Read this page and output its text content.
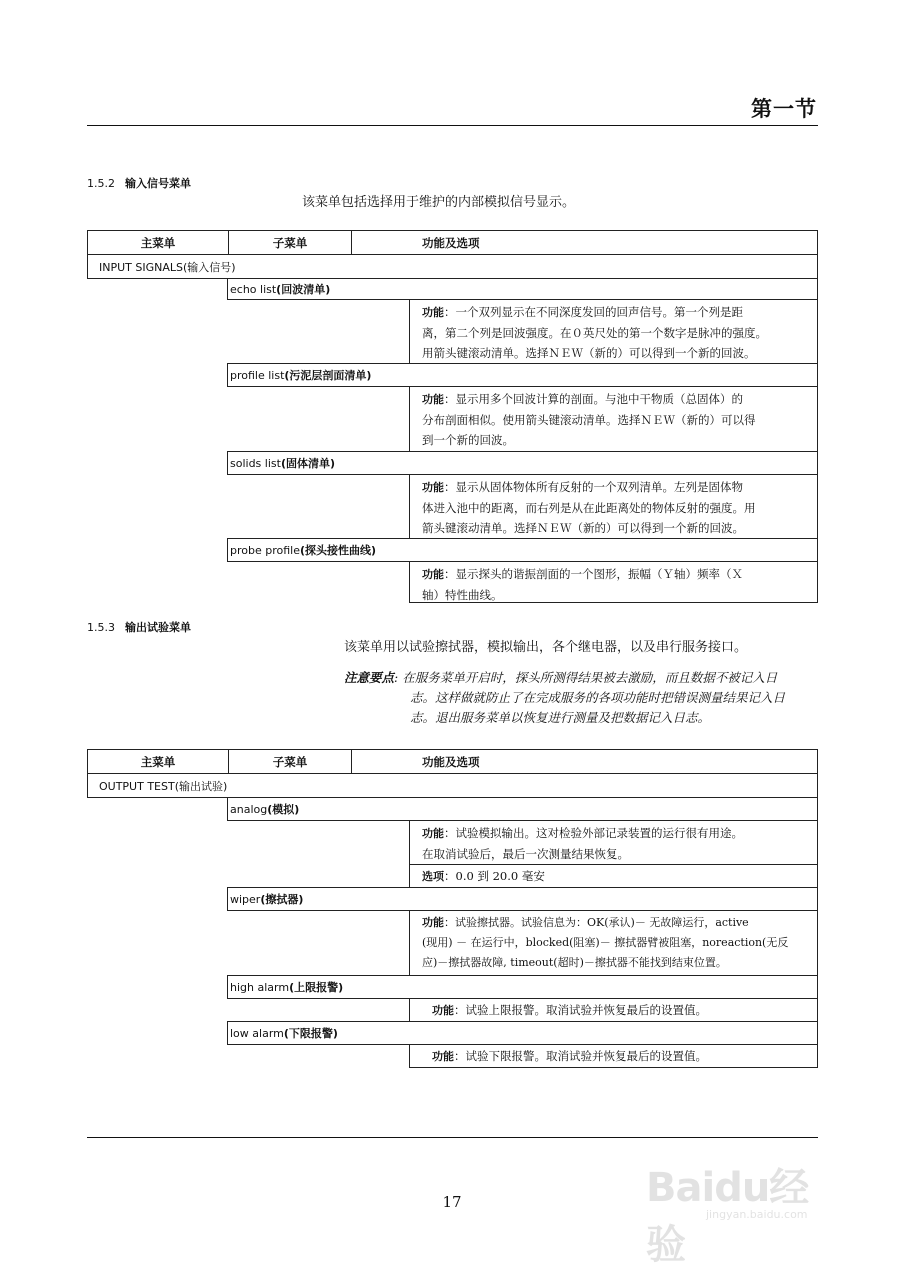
第一节
1.5.2 输入信号菜单
该菜单包括选择用于维护的内部模拟信号显示。
主菜单	子菜单	功能及选项
INPUT SIGNALS(输入信号)
echo list (回波清单)
功能：一个双列显示在不同深度发回的回声信号。第一个列是距
离，第二个列是回波强度。在０英尺处的第一个数字是脉冲的强度。
用箭头键滚动清单。选择ＮＥＷ（新的）可以得到一个新的回波。
profile list (污泥层剖面清单)
功能：显示用多个回波计算的剖面。与池中干物质（总固体）的
分布剖面相似。使用箭头键滚动清单。选择ＮＥＷ（新的）可以得
到一个新的回波。
solids list (固体清单)
功能：显示从固体物体所有反射的一个双列清单。左列是固体物
体进入池中的距离，而右列是从在此距离处的物体反射的强度。用
箭头键滚动清单。选择ＮＥＷ（新的）可以得到一个新的回波。
probe profile (探头接性曲线)
功能：显示探头的谐振剖面的一个图形，振幅（Ｙ轴）频率（Ｘ
轴）特性曲线。
1.5.3 输出试验菜单
该菜单用以试验擦拭器，模拟输出，各个继电器，以及串行服务接口。
注意要点: 在服务菜单开启时，探头所测得结果被去激励，而且数据不被记入日
志。这样做就防止了在完成服务的各项功能时把错误测量结果记入日
志。退出服务菜单以恢复进行测量及把数据记入日志。
主菜单	子菜单	功能及选项
OUTPUT TEST(输出试验)
analog (模拟)
功能：试验模拟输出。这对检验外部记录装置的运行很有用途。
在取消试验后，最后一次测量结果恢复。
选项：0.0 到 20.0 毫安
wiper (擦拭器)
功能：试验擦拭器。试验信息为：OK(承认)－ 无故障运行，active
(现用) － 在运行中，blocked(阻塞)－ 擦拭器臂被阻塞，noreaction(无反
应)－擦拭器故障, timeout(超时)－擦拭器不能找到结束位置。
high alarm (上限报警)
功能：试验上限报警。取消试验并恢复最后的设置值。
low alarm (下限报警)
功能：试验下限报警。取消试验并恢复最后的设置值。
17	Baidu经验
jingyan.baidu.com
